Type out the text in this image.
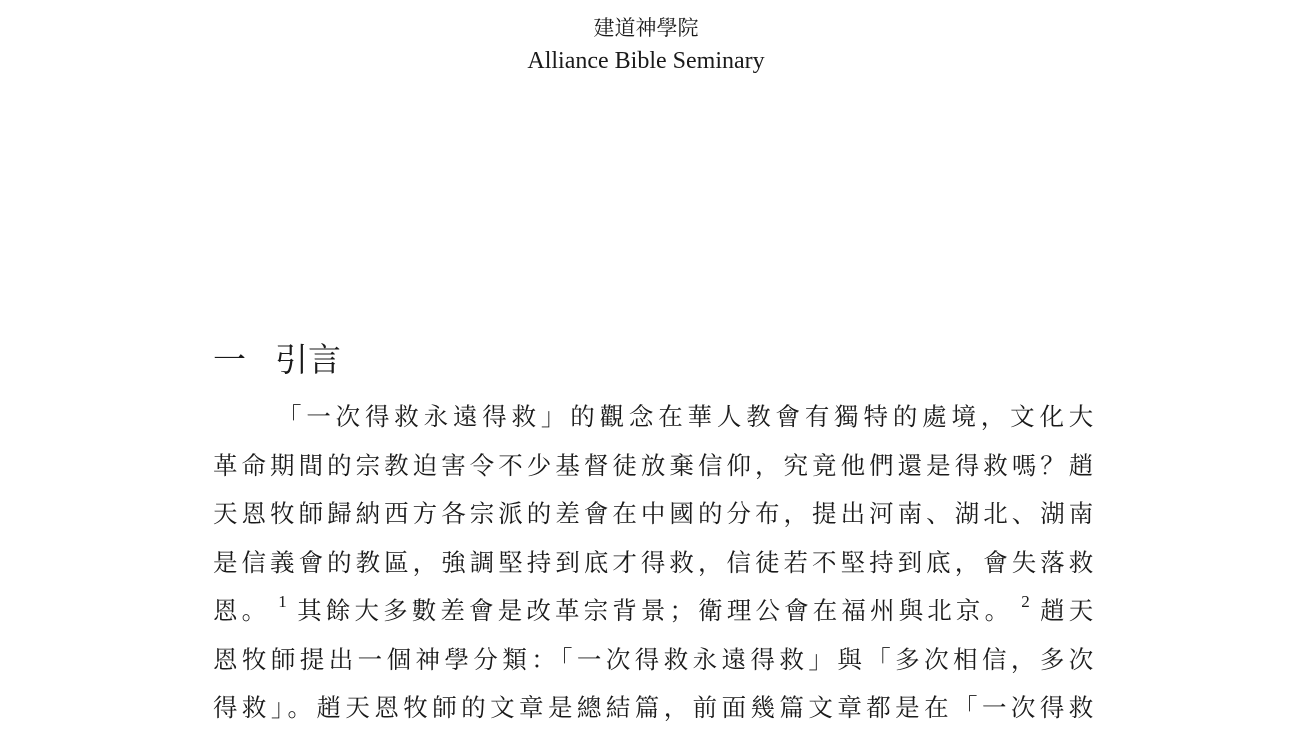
建道神學院
Alliance Bible Seminary
一 引言
「一次得救永遠得救」的觀念在華人教會有獨特的處境，文化大
革命期間的宗教迫害令不少基督徒放棄信仰，究竟他們還是得救嗎？趙
天恩牧師歸納西方各宗派的差會在中國的分布，提出河南、湖北、湖南
是信義會的教區，強調堅持到底才得救，信徒若不堅持到底，會失落救
恩。 $^1$ 其餘大多數差會是改革宗背景；衛理公會在福州與北京。 $^2$ 趙天
恩牧師提出一個神學分類：「一次得救永遠得救」與「多次相信，多次
得救」。趙天恩牧師的文章是總結篇，前面幾篇文章都是在「一次得救
